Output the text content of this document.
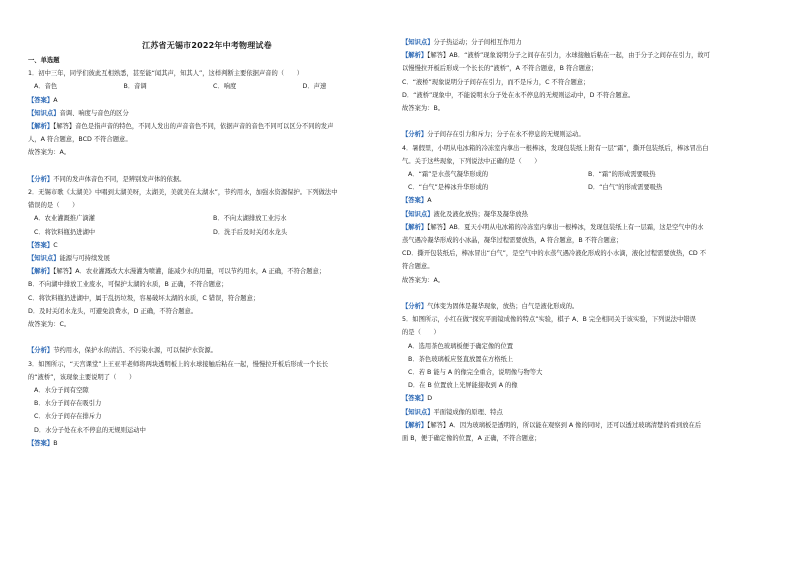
江苏省无锡市2022年中考物理试卷
一、单选题
1．初中三年，同学们彼此互相熟悉，甚至能“闻其声，知其人”，这样判断主要依据声音的（　　）
A．音色	B．音调	C．响度	D．声速
【答案】A
【知识点】音调、响度与音色的区分
【解析】【解答】音色是指声音的特色，不同人发出的声音音色不同，依据声音的音色不同可以区分不同的发声
人，A 符合题意，BCD 不符合题意。
故答案为：A。
【分析】不同的发声体音色不同，是辨别发声体的依据。
2．无锡市歌《太湖美》中唱到太湖美呀，太湖美，美就美在太湖水”，节约用水，加强水资源保护。下列做法中
错误的是（　　）
A．农业灌溉推广滴灌	B．不向太湖排放工业污水
C．将饮料瓶扔进湖中	D．洗手后及时关闭水龙头
【答案】C
【知识点】能源与可持续发展
【解析】【解答】A．农业灌溉改大水漫灌为喷灌，能减少水的用量，可以节约用水，A 正确，不符合题意；
B．不向湖中排放工业废水，可保护太湖的水质，B 正确，不符合题意；
C．将饮料瓶扔进湖中，属于乱扔垃圾，容易破坏太湖的水质，C 错误，符合题意；
D．及时关闭水龙头，可避免浪费水，D 正确，不符合题意。
故答案为：C。
【分析】节约用水，保护水的清洁、不污染水源，可以保护水资源。
3．如图所示，“天宫课堂”上王亚平老师将两块透明板上的水球接触后粘在一起，慢慢拉开板后形成一个长长
的“液桥”，该现象主要说明了（　　）
A．水分子间有空隙
B．水分子间存在吸引力
C．水分子间存在排斥力
D．水分子处在永不停息的无规则运动中
【答案】B
【知识点】分子热运动；分子间相互作用力
【解析】【解答】AB．“液桥”现象说明分子之间存在引力，水球接触后粘在一起，由于分子之间存在引力，故可
以慢慢拉开板后形成一个长长的“液桥”，A 不符合题意，B 符合题意；
C．“液桥”现象说明分子间存在引力，而不是斥力，C 不符合题意；
D．“液桥”现象中，不能说明水分子处在永不停息的无规则运动中，D 不符合题意。
故答案为：B。
【分析】分子间存在引力和斥力；分子在永不停息的无规则运动。
4．暑假里，小明从电冰箱的冷冻室内拿出一根棒冰，发现包装纸上附有一层“霜”，撕开包装纸后，棒冰冒出白
气。关于这些现象，下列说法中正确的是（　　）
A．“霜”是水蒸气凝华形成的	B．“霜”的形成需要吸热
C．“白气”是棒冰升华形成的	D．“白气”的形成需要吸热
【答案】A
【知识点】液化及液化放热；凝华及凝华放热
【解析】【解答】AB．夏天小明从电冰箱的冷冻室内拿出一根棒冰，发现包装纸上有一层霜，这是空气中的水
蒸气遇冷凝华形成的小冰晶，凝华过程需要放热，A 符合题意，B 不符合题意；
CD．撕开包装纸后，棒冰冒出“白气”，是空气中的水蒸气遇冷液化形成的小水滴，液化过程需要放热，CD 不
符合题意。
故答案为：A。
【分析】气体变为固体是凝华现象，放热；白气是液化形成的。
5．如图所示，小红在做“探究平面镜成像的特点”实验，棋子 A、B 完全相同关于该实验，下列说法中错误
的是（　　）
A．选用茶色玻璃板便于确定像的位置
B．茶色玻璃板应竖直放置在方格纸上
C．若 B 能与 A 的像完全重合，说明像与物等大
D．在 B 位置放上光屏能接收到 A 的像
【答案】D
【知识点】平面镜成像的原理、特点
【解析】【解答】A．因为玻璃板是透明的，所以能在观察到 A 像的同时，还可以透过玻璃清楚的看到放在后
面 B，便于确定像的位置，A 正确，不符合题意；
